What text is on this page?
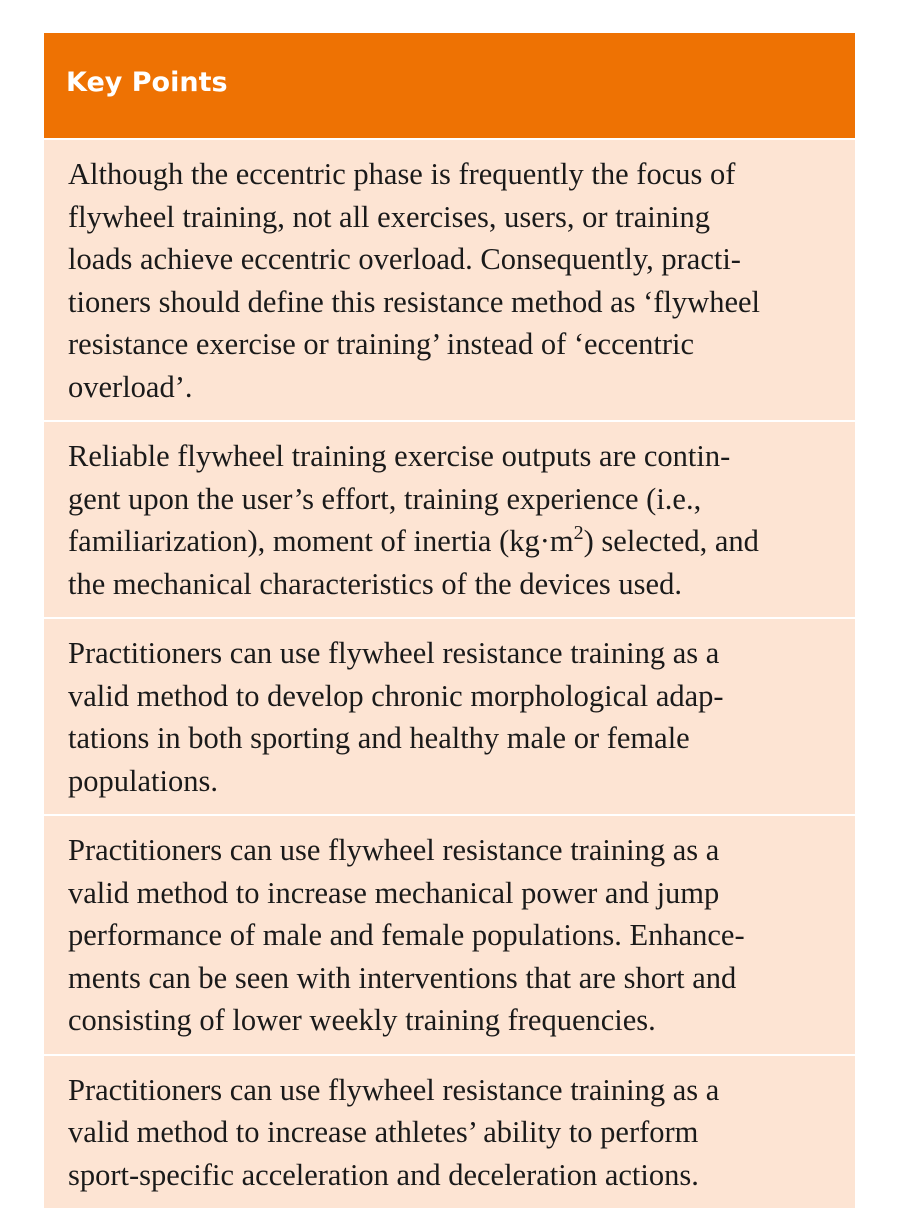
Key Points

Although the eccentric phase is frequently the focus of

flywheel training, not all exercises, users, or training

loads achieve eccentric overload. Consequently, practi-

tioners should define this resistance method as ‘flywheel

resistance exercise or training’ instead of ‘eccentric

overload’.

Reliable flywheel training exercise outputs are contin-

gent upon the user’s effort, training experience (i.e.,

familiarization), moment of inertia $(kg\cdot m^2)$ selected, and

the mechanical characteristics of the devices used.

Practitioners can use flywheel resistance training as a

valid method to develop chronic morphological adap-

tations in both sporting and healthy male or female

populations.

Practitioners can use flywheel resistance training as a

valid method to increase mechanical power and jump

performance of male and female populations. Enhance-

ments can be seen with interventions that are short and

consisting of lower weekly training frequencies.

Practitioners can use flywheel resistance training as a

valid method to increase athletes’ ability to perform

sport-specific acceleration and deceleration actions.
